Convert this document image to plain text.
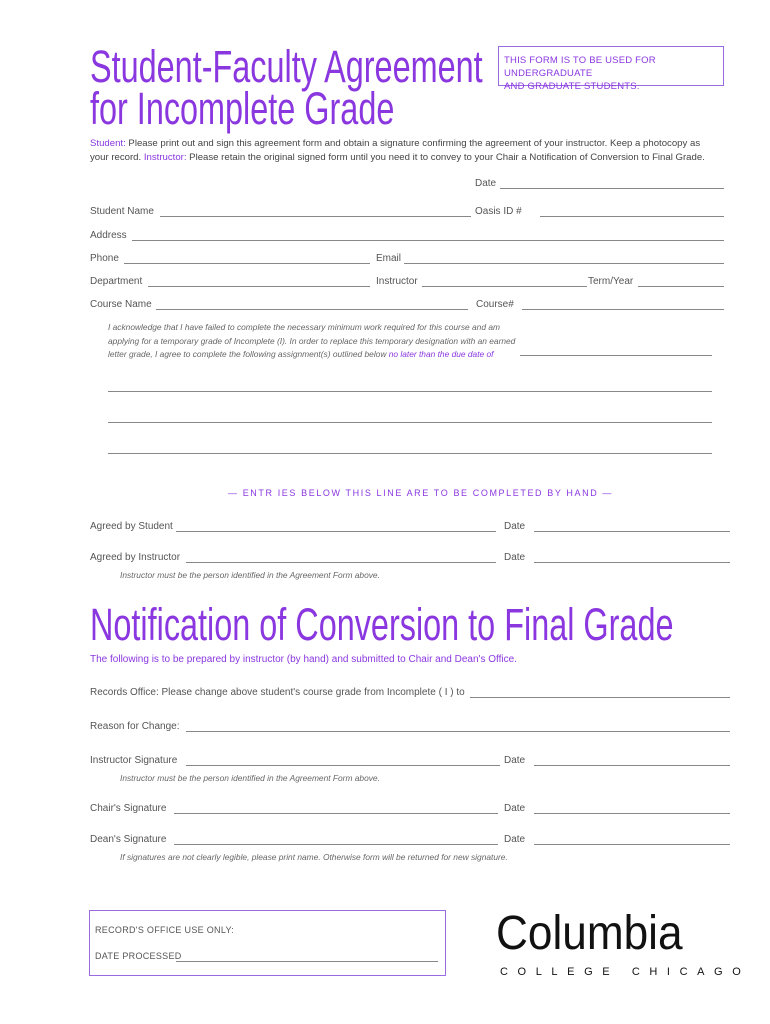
Student-Faculty Agreement
for Incomplete Grade
THIS FORM IS TO BE USED FOR UNDERGRADUATE
AND GRADUATE STUDENTS.
Student: Please print out and sign this agreement form and obtain a signature confirming the agreement of your instructor. Keep a photocopy as
your record. Instructor: Please retain the original signed form until you need it to convey to your Chair a Notification of Conversion to Final Grade.
Date
Student Name	Oasis ID #
Address
Phone	Email
Department	Instructor	Term/Year
Course Name	Course#
I acknowledge that I have failed to complete the necessary minimum work required for this course and am
applying for a temporary grade of Incomplete (I). In order to replace this temporary designation with an earned
letter grade, I agree to complete the following assignment(s) outlined below no later than the due date of
— ENTR IES BELOW THIS LINE ARE TO BE COMPLETED BY HAND —
Agreed by Student	Date
Agreed by Instructor	Date
Instructor must be the person identified in the Agreement Form above.
Notification of Conversion to Final Grade
The following is to be prepared by instructor (by hand) and submitted to Chair and Dean's Office.
Records Office: Please change above student's course grade from Incomplete ( I ) to
Reason for Change:
Instructor Signature	Date
Instructor must be the person identified in the Agreement Form above.
Chair's Signature	Date
Dean's Signature	Date
If signatures are not clearly legible, please print name. Otherwise form will be returned for new signature.
RECORD'S OFFICE USE ONLY:
DATE PROCESSED	Columbia
COLLEGE CHICAGO
